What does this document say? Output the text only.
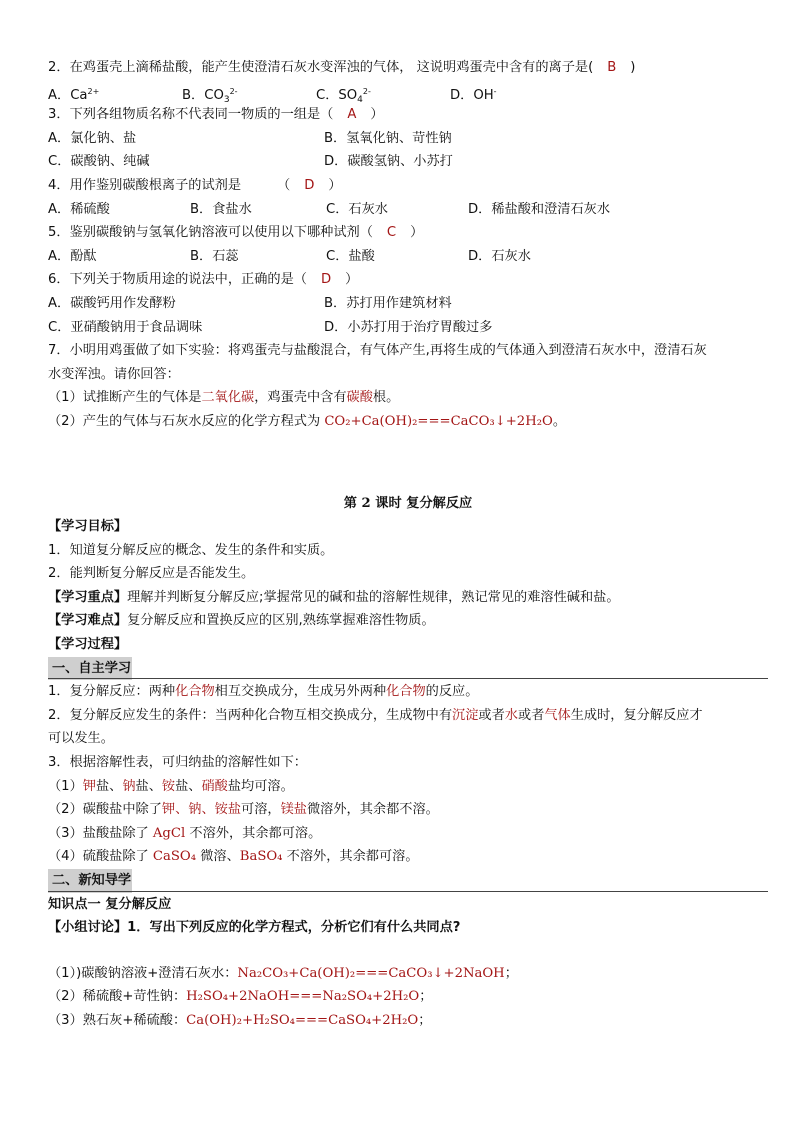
2．在鸡蛋壳上滴稀盐酸，能产生使澄清石灰水变浑浊的气体， 这说明鸡蛋壳中含有的离子是( B )
A．$Ca^{2+}$	B．$CO_3^{2-}$	C．$SO_4^{2-}$	D．OH-
3．下列各组物质名称不代表同一物质的一组是（ A ）
A．氯化钠、盐	B．氢氧化钠、苛性钠
C．碳酸钠、纯碱	D．碳酸氢钠、小苏打
4．用作鉴别碳酸根离子的试剂是	（ D ）
A．稀硫酸	B．食盐水	C．石灰水	D．稀盐酸和澄清石灰水
5．鉴别碳酸钠与氢氧化钠溶液可以使用以下哪种试剂（ C ）
A．酚酞	B．石蕊	C．盐酸	D．石灰水
6．下列关于物质用途的说法中，正确的是（ D ）
A．碳酸钙用作发酵粉	B．苏打用作建筑材料
C．亚硝酸钠用于食品调味	D．小苏打用于治疗胃酸过多
7．小明用鸡蛋做了如下实验：将鸡蛋壳与盐酸混合，有气体产生,再将生成的气体通入到澄清石灰水中，澄清石灰
水变浑浊。请你回答：
（1）试推断产生的气体是二氧化碳，鸡蛋壳中含有碳酸根。
（2）产生的气体与石灰水反应的化学方程式为 CO₂+Ca(OH)₂===CaCO₃↓+2H₂O。
第 2 课时 复分解反应
【学习目标】
1．知道复分解反应的概念、发生的条件和实质。
2．能判断复分解反应是否能发生。
【学习重点】理解并判断复分解反应;掌握常见的碱和盐的溶解性规律，熟记常见的难溶性碱和盐。
【学习难点】复分解反应和置换反应的区别,熟练掌握难溶性物质。
【学习过程】
一、自主学习
1．复分解反应：两种化合物相互交换成分，生成另外两种化合物的反应。
2．复分解反应发生的条件：当两种化合物互相交换成分，生成物中有沉淀或者水或者气体生成时，复分解反应才
可以发生。
3．根据溶解性表，可归纳盐的溶解性如下：
（1）钾盐、钠盐、铵盐、硝酸盐均可溶。
（2）碳酸盐中除了钾、钠、铵盐可溶，镁盐微溶外，其余都不溶。
（3）盐酸盐除了 AgCl 不溶外，其余都可溶。
（4）硫酸盐除了 CaSO₄ 微溶、BaSO₄ 不溶外，其余都可溶。
二、新知导学
知识点一 复分解反应
【小组讨论】1．写出下列反应的化学方程式，分析它们有什么共同点?
（1）)碳酸钠溶液+澄清石灰水：Na₂CO₃+Ca(OH)₂===CaCO₃↓+2NaOH；
（2）稀硫酸+苛性钠：H₂SO₄+2NaOH===Na₂SO₄+2H₂O；
（3）熟石灰+稀硫酸：Ca(OH)₂+H₂SO₄===CaSO₄+2H₂O；
